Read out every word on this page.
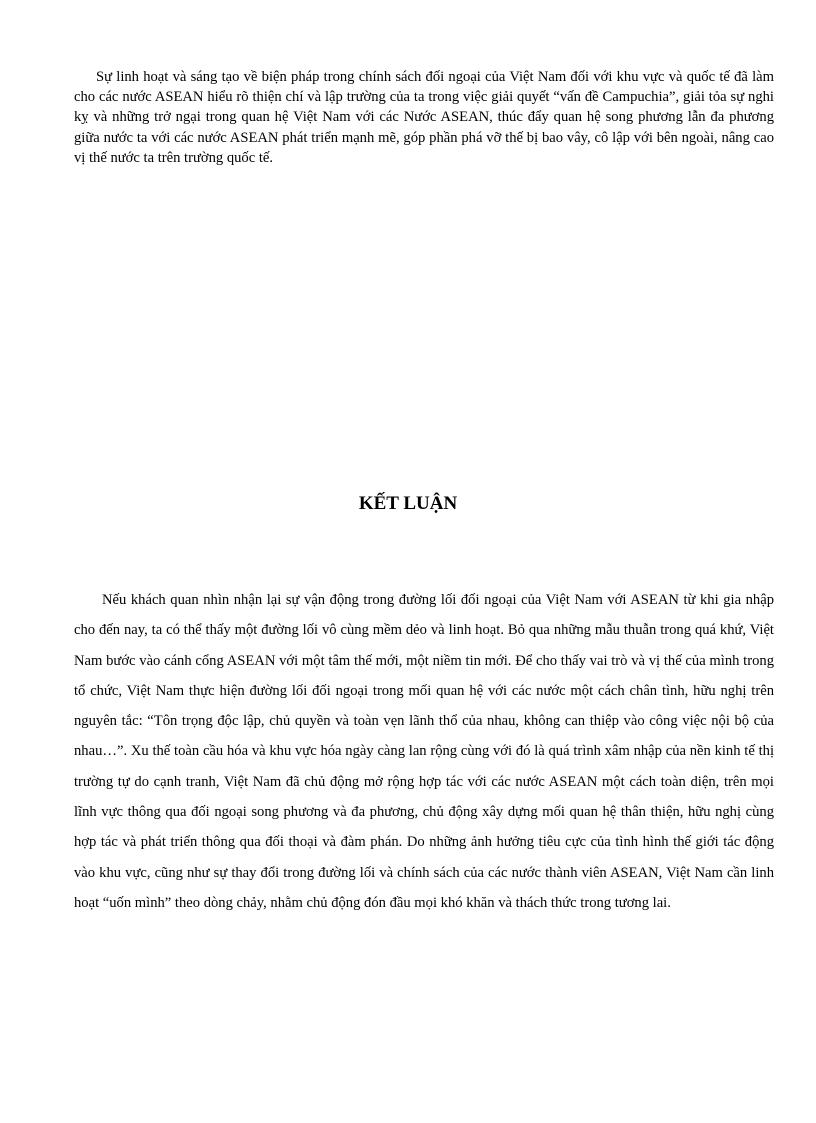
Sự linh hoạt và sáng tạo về biện pháp trong chính sách đối ngoại của Việt Nam đối với khu vực và quốc tế đã làm cho các nước ASEAN hiểu rõ thiện chí và lập trường của ta trong việc giải quyết “vấn đề Campuchia”, giải tỏa sự nghi kỵ và những trở ngại trong quan hệ Việt Nam với các Nước ASEAN, thúc đẩy quan hệ song phương lẫn đa phương giữa nước ta với các nước ASEAN phát triển mạnh mẽ, góp phần phá vỡ thế bị bao vây, cô lập với bên ngoài, nâng cao vị thế nước ta trên trường quốc tế.

KẾT LUẬN

Nếu khách quan nhìn nhận lại sự vận động trong đường lối đối ngoại của Việt Nam với ASEAN từ khi gia nhập cho đến nay, ta có thể thấy một đường lối vô cùng mềm dẻo và linh hoạt. Bỏ qua những mẫu thuẫn trong quá khứ, Việt Nam bước vào cánh cổng ASEAN với một tâm thế mới, một niềm tin mới. Để cho thấy vai trò và vị thế của mình trong tổ chức, Việt Nam thực hiện đường lối đối ngoại trong mối quan hệ với các nước một cách chân tình, hữu nghị trên nguyên tắc: “Tôn trọng độc lập, chủ quyền và toàn vẹn lãnh thổ của nhau, không can thiệp vào công việc nội bộ của nhau…”. Xu thế toàn cầu hóa và khu vực hóa ngày càng lan rộng cùng với đó là quá trình xâm nhập của nền kinh tế thị trường tự do cạnh tranh, Việt Nam đã chủ động mở rộng hợp tác với các nước ASEAN một cách toàn diện, trên mọi lĩnh vực thông qua đối ngoại song phương và đa phương, chủ động xây dựng mối quan hệ thân thiện, hữu nghị cùng hợp tác và phát triển thông qua đối thoại và đàm phán. Do những ảnh hưởng tiêu cực của tình hình thế giới tác động vào khu vực, cũng như sự thay đổi trong đường lối và chính sách của các nước thành viên ASEAN, Việt Nam cần linh hoạt “uốn mình” theo dòng chảy, nhằm chủ động đón đầu mọi khó khăn và thách thức trong tương lai.
